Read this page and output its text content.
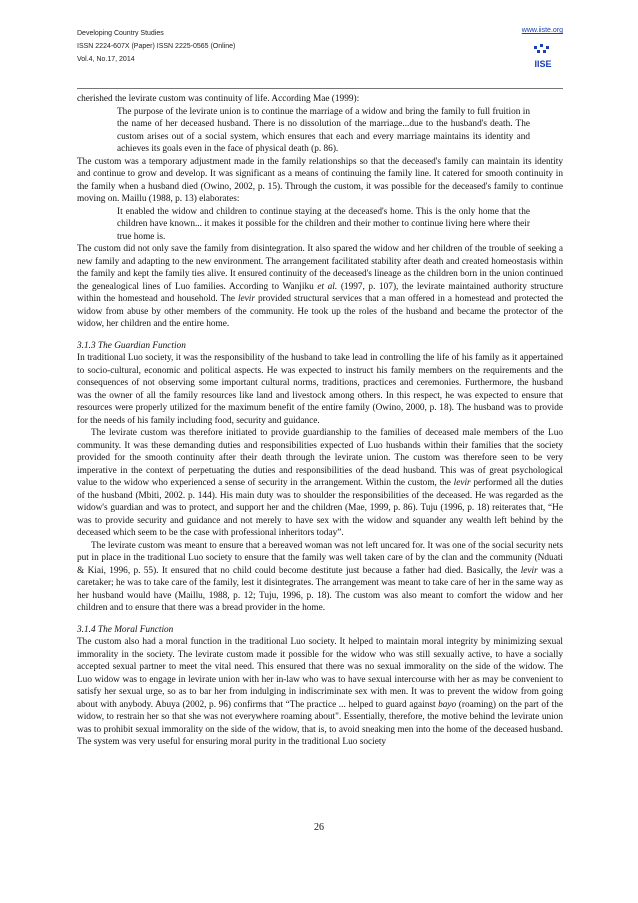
Developing Country Studies
ISSN 2224-607X (Paper) ISSN 2225-0565 (Online)
Vol.4, No.17, 2014
www.iiste.org
IISE

cherished the levirate custom was continuity of life. According Mae (1999):

The purpose of the levirate union is to continue the marriage of a widow and bring the family to full fruition in the name of her deceased husband. There is no dissolution of the marriage...due to the husband's death. The custom arises out of a social system, which ensures that each and every marriage maintains its identity and achieves its goals even in the face of physical death (p. 86).

The custom was a temporary adjustment made in the family relationships so that the deceased's family can maintain its identity and continue to grow and develop. It was significant as a means of continuing the family line. It catered for smooth continuity in the family when a husband died (Owino, 2002, p. 15). Through the custom, it was possible for the deceased's family to continue moving on. Maillu (1988, p. 13) elaborates:

It enabled the widow and children to continue staying at the deceased's home. This is the only home that the children have known... it makes it possible for the children and their mother to continue living here where their true home is.

The custom did not only save the family from disintegration. It also spared the widow and her children of the trouble of seeking a new family and adapting to the new environment. The arrangement facilitated stability after death and created homeostasis within the family and kept the family ties alive. It ensured continuity of the deceased's lineage as the children born in the union continued the genealogical lines of Luo families. According to Wanjiku et al. (1997, p. 107), the levirate maintained authority structure within the homestead and household. The levir provided structural services that a man offered in a homestead and protected the widow from abuse by other members of the community. He took up the roles of the husband and became the protector of the widow, her children and the entire home.

3.1.3 The Guardian Function

In traditional Luo society, it was the responsibility of the husband to take lead in controlling the life of his family as it appertained to socio-cultural, economic and political aspects. He was expected to instruct his family members on the requirements and the consequences of not observing some important cultural norms, traditions, practices and ceremonies. Furthermore, the husband was the owner of all the family resources like land and livestock among others. In this respect, he was expected to ensure that resources were properly utilized for the maximum benefit of the entire family (Owino, 2000, p. 18). The husband was to provide for the needs of his family including food, security and guidance.

The levirate custom was therefore initiated to provide guardianship to the families of deceased male members of the Luo community. It was these demanding duties and responsibilities expected of Luo husbands within their families that the society provided for the smooth continuity after their death through the levirate union. The custom was therefore seen to be very imperative in the context of perpetuating the duties and responsibilities of the dead husband. This was of great psychological value to the widow who experienced a sense of security in the arrangement. Within the custom, the levir performed all the duties of the husband (Mbiti, 2002. p. 144). His main duty was to shoulder the responsibilities of the deceased. He was regarded as the widow's guardian and was to protect, and support her and the children (Mae, 1999, p. 86). Tuju (1996, p. 18) reiterates that, “He was to provide security and guidance and not merely to have sex with the widow and squander any wealth left behind by the deceased which seem to be the case with professional inheritors today”.

The levirate custom was meant to ensure that a bereaved woman was not left uncared for. It was one of the social security nets put in place in the traditional Luo society to ensure that the family was well taken care of by the clan and the community (Nduati & Kiai, 1996, p. 55). It ensured that no child could become destitute just because a father had died. Basically, the levir was a caretaker; he was to take care of the family, lest it disintegrates. The arrangement was meant to take care of her in the same way as her husband would have (Maillu, 1988, p. 12; Tuju, 1996, p. 18). The custom was also meant to comfort the widow and her children and to ensure that there was a bread provider in the home.

3.1.4 The Moral Function

The custom also had a moral function in the traditional Luo society. It helped to maintain moral integrity by minimizing sexual immorality in the society. The levirate custom made it possible for the widow who was still sexually active, to have a socially accepted sexual partner to meet the vital need. This ensured that there was no sexual immorality on the side of the widow. The Luo widow was to engage in levirate union with her in-law who was to have sexual intercourse with her as may be convenient to satisfy her sexual urge, so as to bar her from indulging in indiscriminate sex with men. It was to prevent the widow from going about with anybody. Abuya (2002, p. 96) confirms that “The practice ... helped to guard against bayo (roaming) on the part of the widow, to restrain her so that she was not everywhere roaming about". Essentially, therefore, the motive behind the levirate union was to prohibit sexual immorality on the side of the widow, that is, to avoid sneaking men into the home of the deceased husband. The system was very useful for ensuring moral purity in the traditional Luo society

26
